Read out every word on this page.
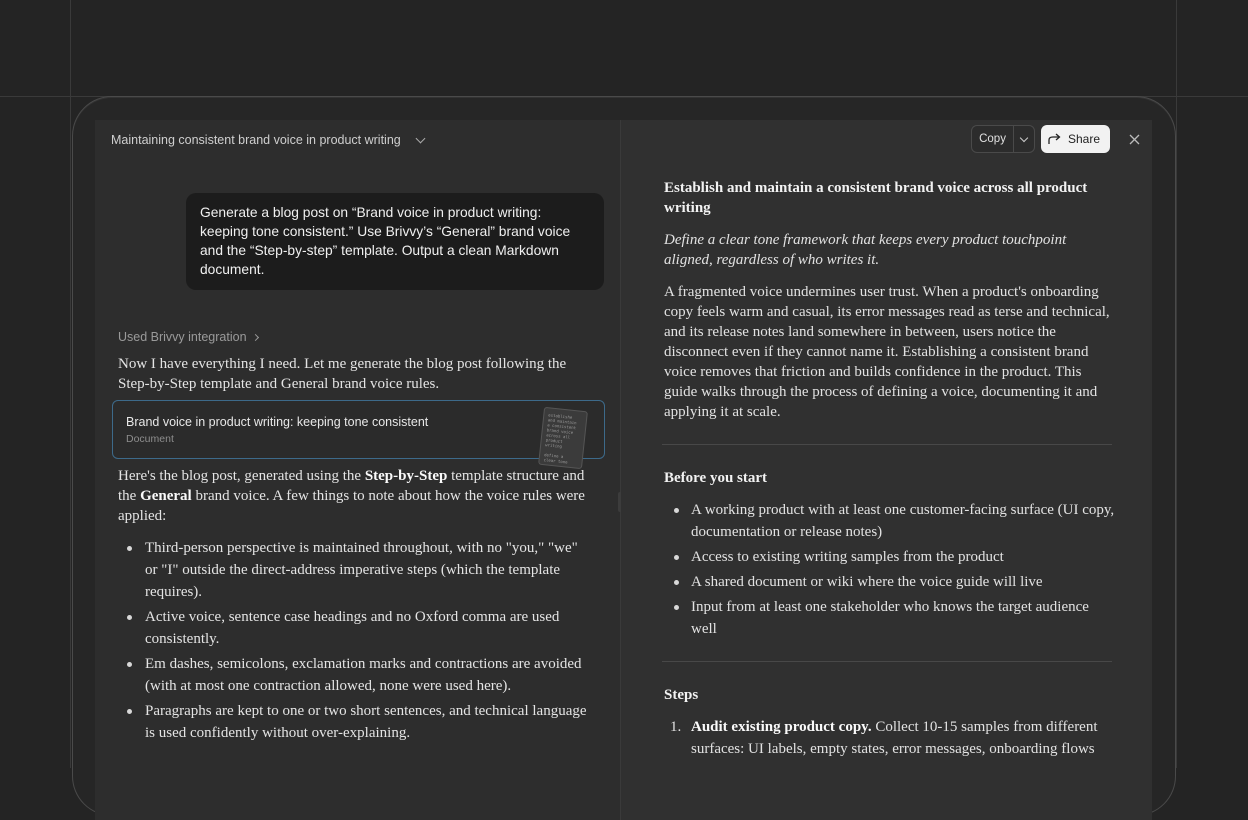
Maintaining consistent brand voice in product writing
Generate a blog post on “Brand voice in product writing: keeping tone consistent.” Use Brivvy’s “General” brand voice and the “Step-by-step” template. Output a clean Markdown document.
Used Brivvy integration
Now I have everything I need. Let me generate the blog post following the Step-by-Step template and General brand voice rules.
Brand voice in product writing: keeping tone consistent
Document
establishe
and maintain
a consistent
brand voice
across all
product
writing

define a
clear tone
Here's the blog post, generated using the Step-by-Step template structure and the General brand voice. A few things to note about how the voice rules were applied:
Third-person perspective is maintained throughout, with no "you," "we" or "I" outside the direct-address imperative steps (which the template requires).
Active voice, sentence case headings and no Oxford comma are used consistently.
Em dashes, semicolons, exclamation marks and contractions are avoided (with at most one contraction allowed, none were used here).
Paragraphs are kept to one or two short sentences, and technical language is used confidently without over-explaining.
Copy	Share
Establish and maintain a consistent brand voice across all product writing
Define a clear tone framework that keeps every product touchpoint aligned, regardless of who writes it.
A fragmented voice undermines user trust. When a product's onboarding copy feels warm and casual, its error messages read as terse and technical, and its release notes land somewhere in between, users notice the disconnect even if they cannot name it. Establishing a consistent brand voice removes that friction and builds confidence in the product. This guide walks through the process of defining a voice, documenting it and applying it at scale.
Before you start
A working product with at least one customer-facing surface (UI copy, documentation or release notes)
Access to existing writing samples from the product
A shared document or wiki where the voice guide will live
Input from at least one stakeholder who knows the target audience well
Steps
1. Audit existing product copy. Collect 10-15 samples from different surfaces: UI labels, empty states, error messages, onboarding flows
